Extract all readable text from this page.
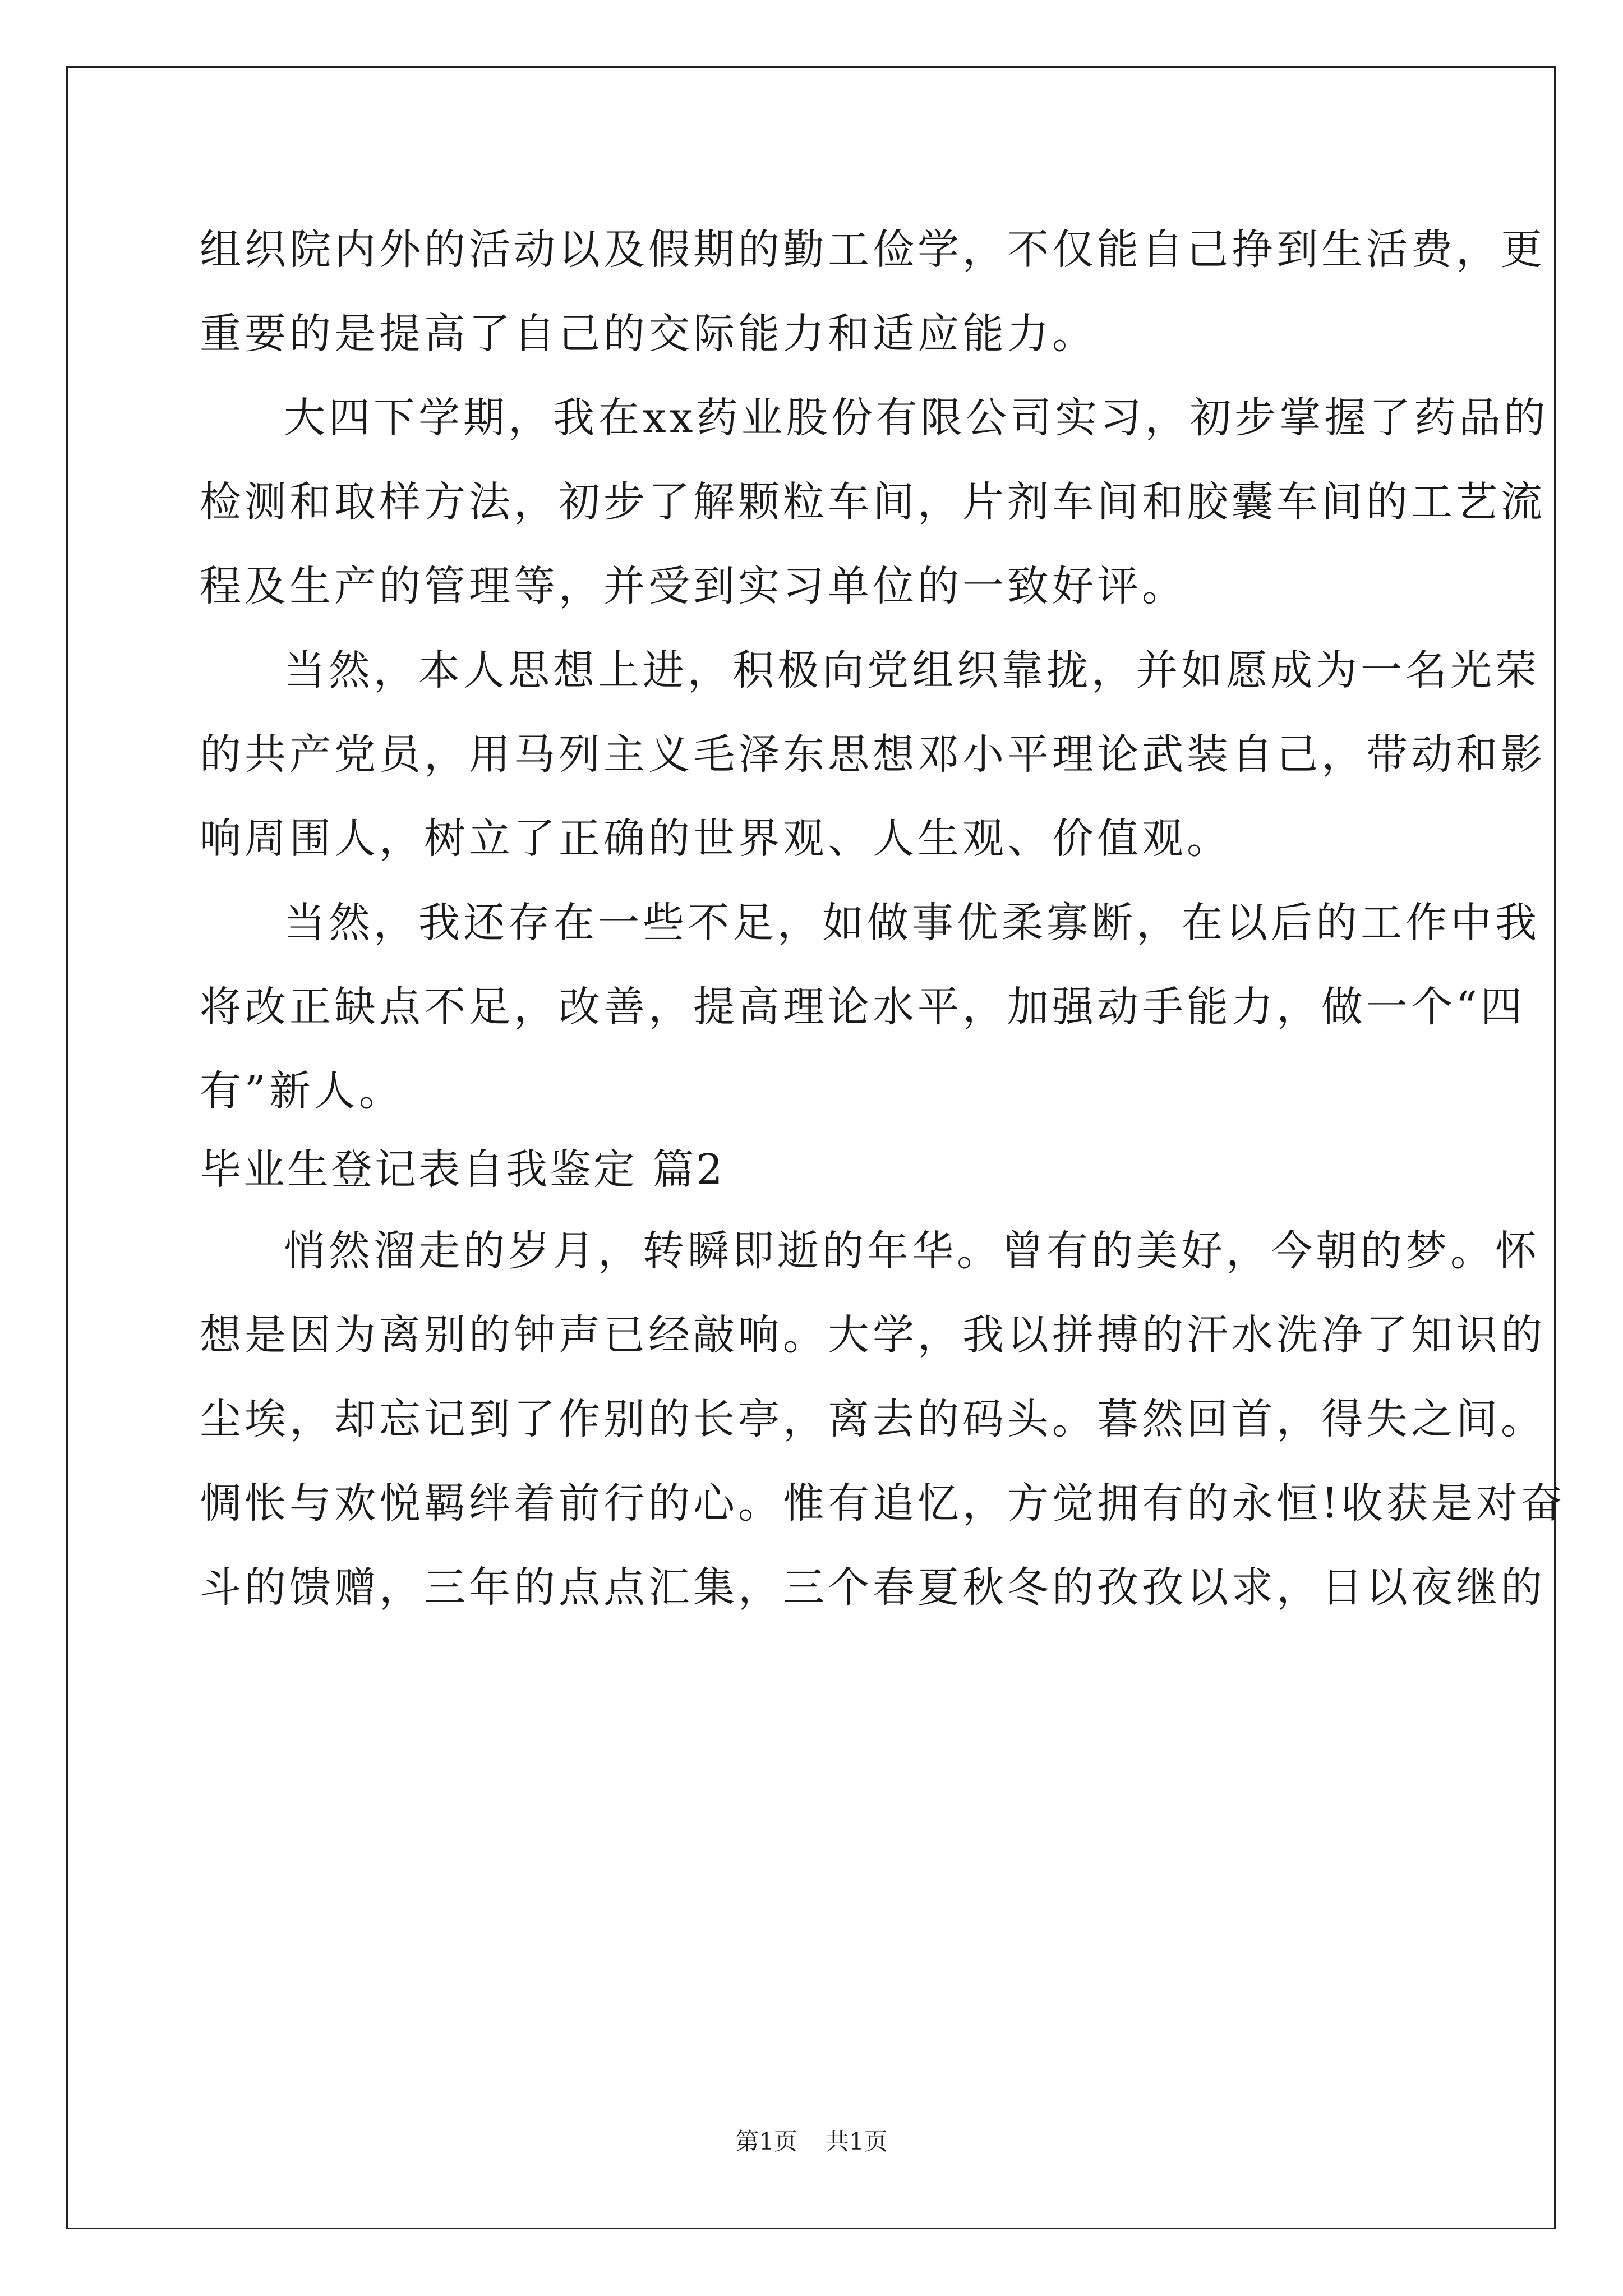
组织院内外的活动以及假期的勤工俭学，不仅能自己挣到生活费，更
重要的是提高了自己的交际能力和适应能力。
大四下学期，我在xx药业股份有限公司实习，初步掌握了药品的
检测和取样方法，初步了解颗粒车间，片剂车间和胶囊车间的工艺流
程及生产的管理等，并受到实习单位的一致好评。
当然，本人思想上进，积极向党组织靠拢，并如愿成为一名光荣
的共产党员，用马列主义毛泽东思想邓小平理论武装自己，带动和影
响周围人，树立了正确的世界观、人生观、价值观。
当然，我还存在一些不足，如做事优柔寡断，在以后的工作中我
将改正缺点不足，改善，提高理论水平，加强动手能力，做一个“四
有”新人。
毕业生登记表自我鉴定 篇2
悄然溜走的岁月，转瞬即逝的年华。曾有的美好，今朝的梦。怀
想是因为离别的钟声已经敲响。大学，我以拼搏的汗水洗净了知识的
尘埃，却忘记到了作别的长亭，离去的码头。暮然回首，得失之间。
惆怅与欢悦羁绊着前行的心。惟有追忆，方觉拥有的永恒!收获是对奋
斗的馈赠，三年的点点汇集，三个春夏秋冬的孜孜以求，日以夜继的
第1页 共1页
